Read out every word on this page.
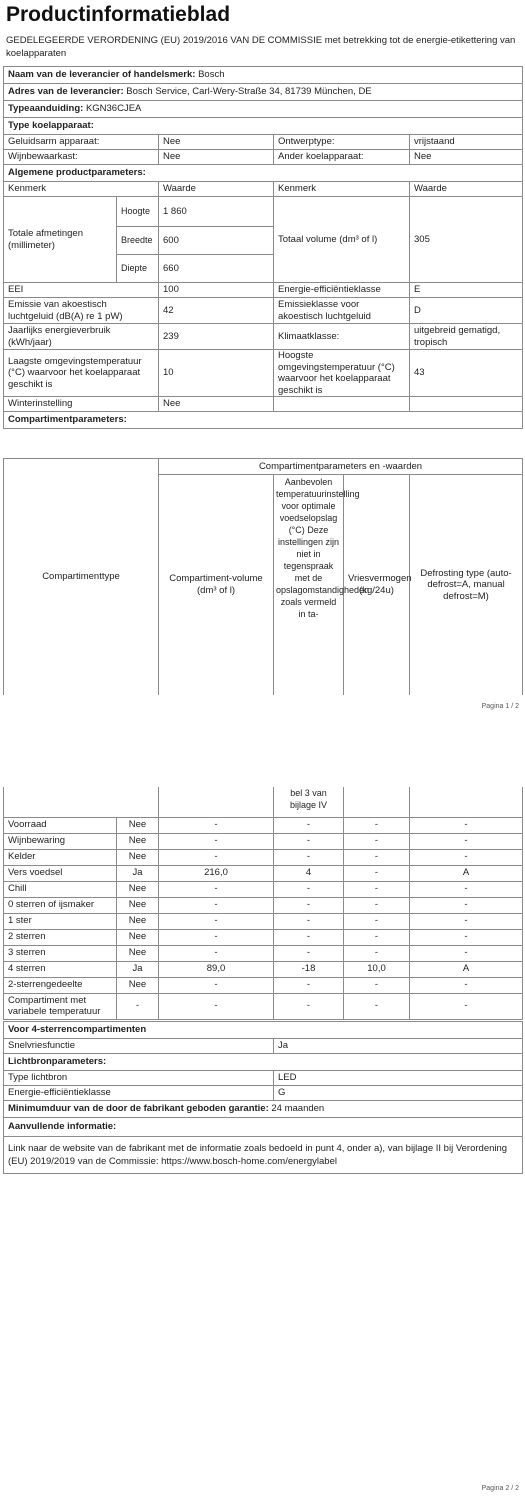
Productinformatieblad
GEDELEGEERDE VERORDENING (EU) 2019/2016 VAN DE COMMISSIE met betrekking tot de energie-etikettering van koelapparaten
Naam van de leverancier of handelsmerk: Bosch				
Adres van de leverancier: Bosch Service, Carl-Wery-Straße 34, 81739 München, DE				
Typeaanduiding: KGN36CJEA				
Type koelapparaat:				
Geluidsarm apparaat:		Nee	Ontwerptype:	vrijstaand
Wijnbewaarkast:		Nee	Ander koelapparaat:	Nee
Algemene productparameters:				
Kenmerk		Waarde	Kenmerk	Waarde
Totale afmetingen (millimeter)	Hoogte	1 860	Totaal volume (dm³ of l)	305
	Breedte	600		
	Diepte	660		
EEI		100	Energie-efficiëntieklasse	E
Emissie van akoestisch luchtgeluid (dB(A) re 1 pW)		42	Emissieklasse voor akoestisch luchtgeluid	D
Jaarlijks energieverbruik (kWh/jaar)		239	Klimaatklasse:	uitgebreid gematigd, tropisch
Laagste omgevingstemperatuur (°C) waarvoor het koelapparaat geschikt is		10	Hoogste omgevingstemperatuur (°C) waarvoor het koelapparaat geschikt is	43
Winterinstelling		Nee		
Compartimentparameters:				
Compartimenttype	Compartimentparameters en -waarden			
	Compartiment-volume (dm³ of l)	Aanbevolen temperatuurinstelling voor optimale voedselopslag (°C) Deze instellingen zijn niet in tegenspraak met de opslagomstandigheden zoals vermeld in ta-	Vriesvermogen (kg/24u)	Defrosting type (auto-defrost=A, manual defrost=M)
Pagina 1 / 2
			bel 3 van bijlage IV		
Voorraad	Nee	-	-	-	-
Wijnbewaring	Nee	-	-	-	-
Kelder	Nee	-	-	-	-
Vers voedsel	Ja	216,0	4	-	A
Chill	Nee	-	-	-	-
0 sterren of ijsmaker	Nee	-	-	-	-
1 ster	Nee	-	-	-	-
2 sterren	Nee	-	-	-	-
3 sterren	Nee	-	-	-	-
4 sterren	Ja	89,0	-18	10,0	A
2-sterrengedeelte	Nee	-	-	-	-
Compartiment met variabele temperatuur	-	-	-	-	-
Voor 4-sterrencompartimenten	
Snelvriesfunctie	Ja
Lichtbronparameters:	
Type lichtbron	LED
Energie-efficiëntieklasse	G
Minimumduur van de door de fabrikant geboden garantie: 24 maanden	
Aanvullende informatie:	
Link naar de website van de fabrikant met de informatie zoals bedoeld in punt 4, onder a), van bijlage II bij Verordening (EU) 2019/2019 van de Commissie: https://www.bosch-home.com/energylabel	
Pagina 2 / 2
